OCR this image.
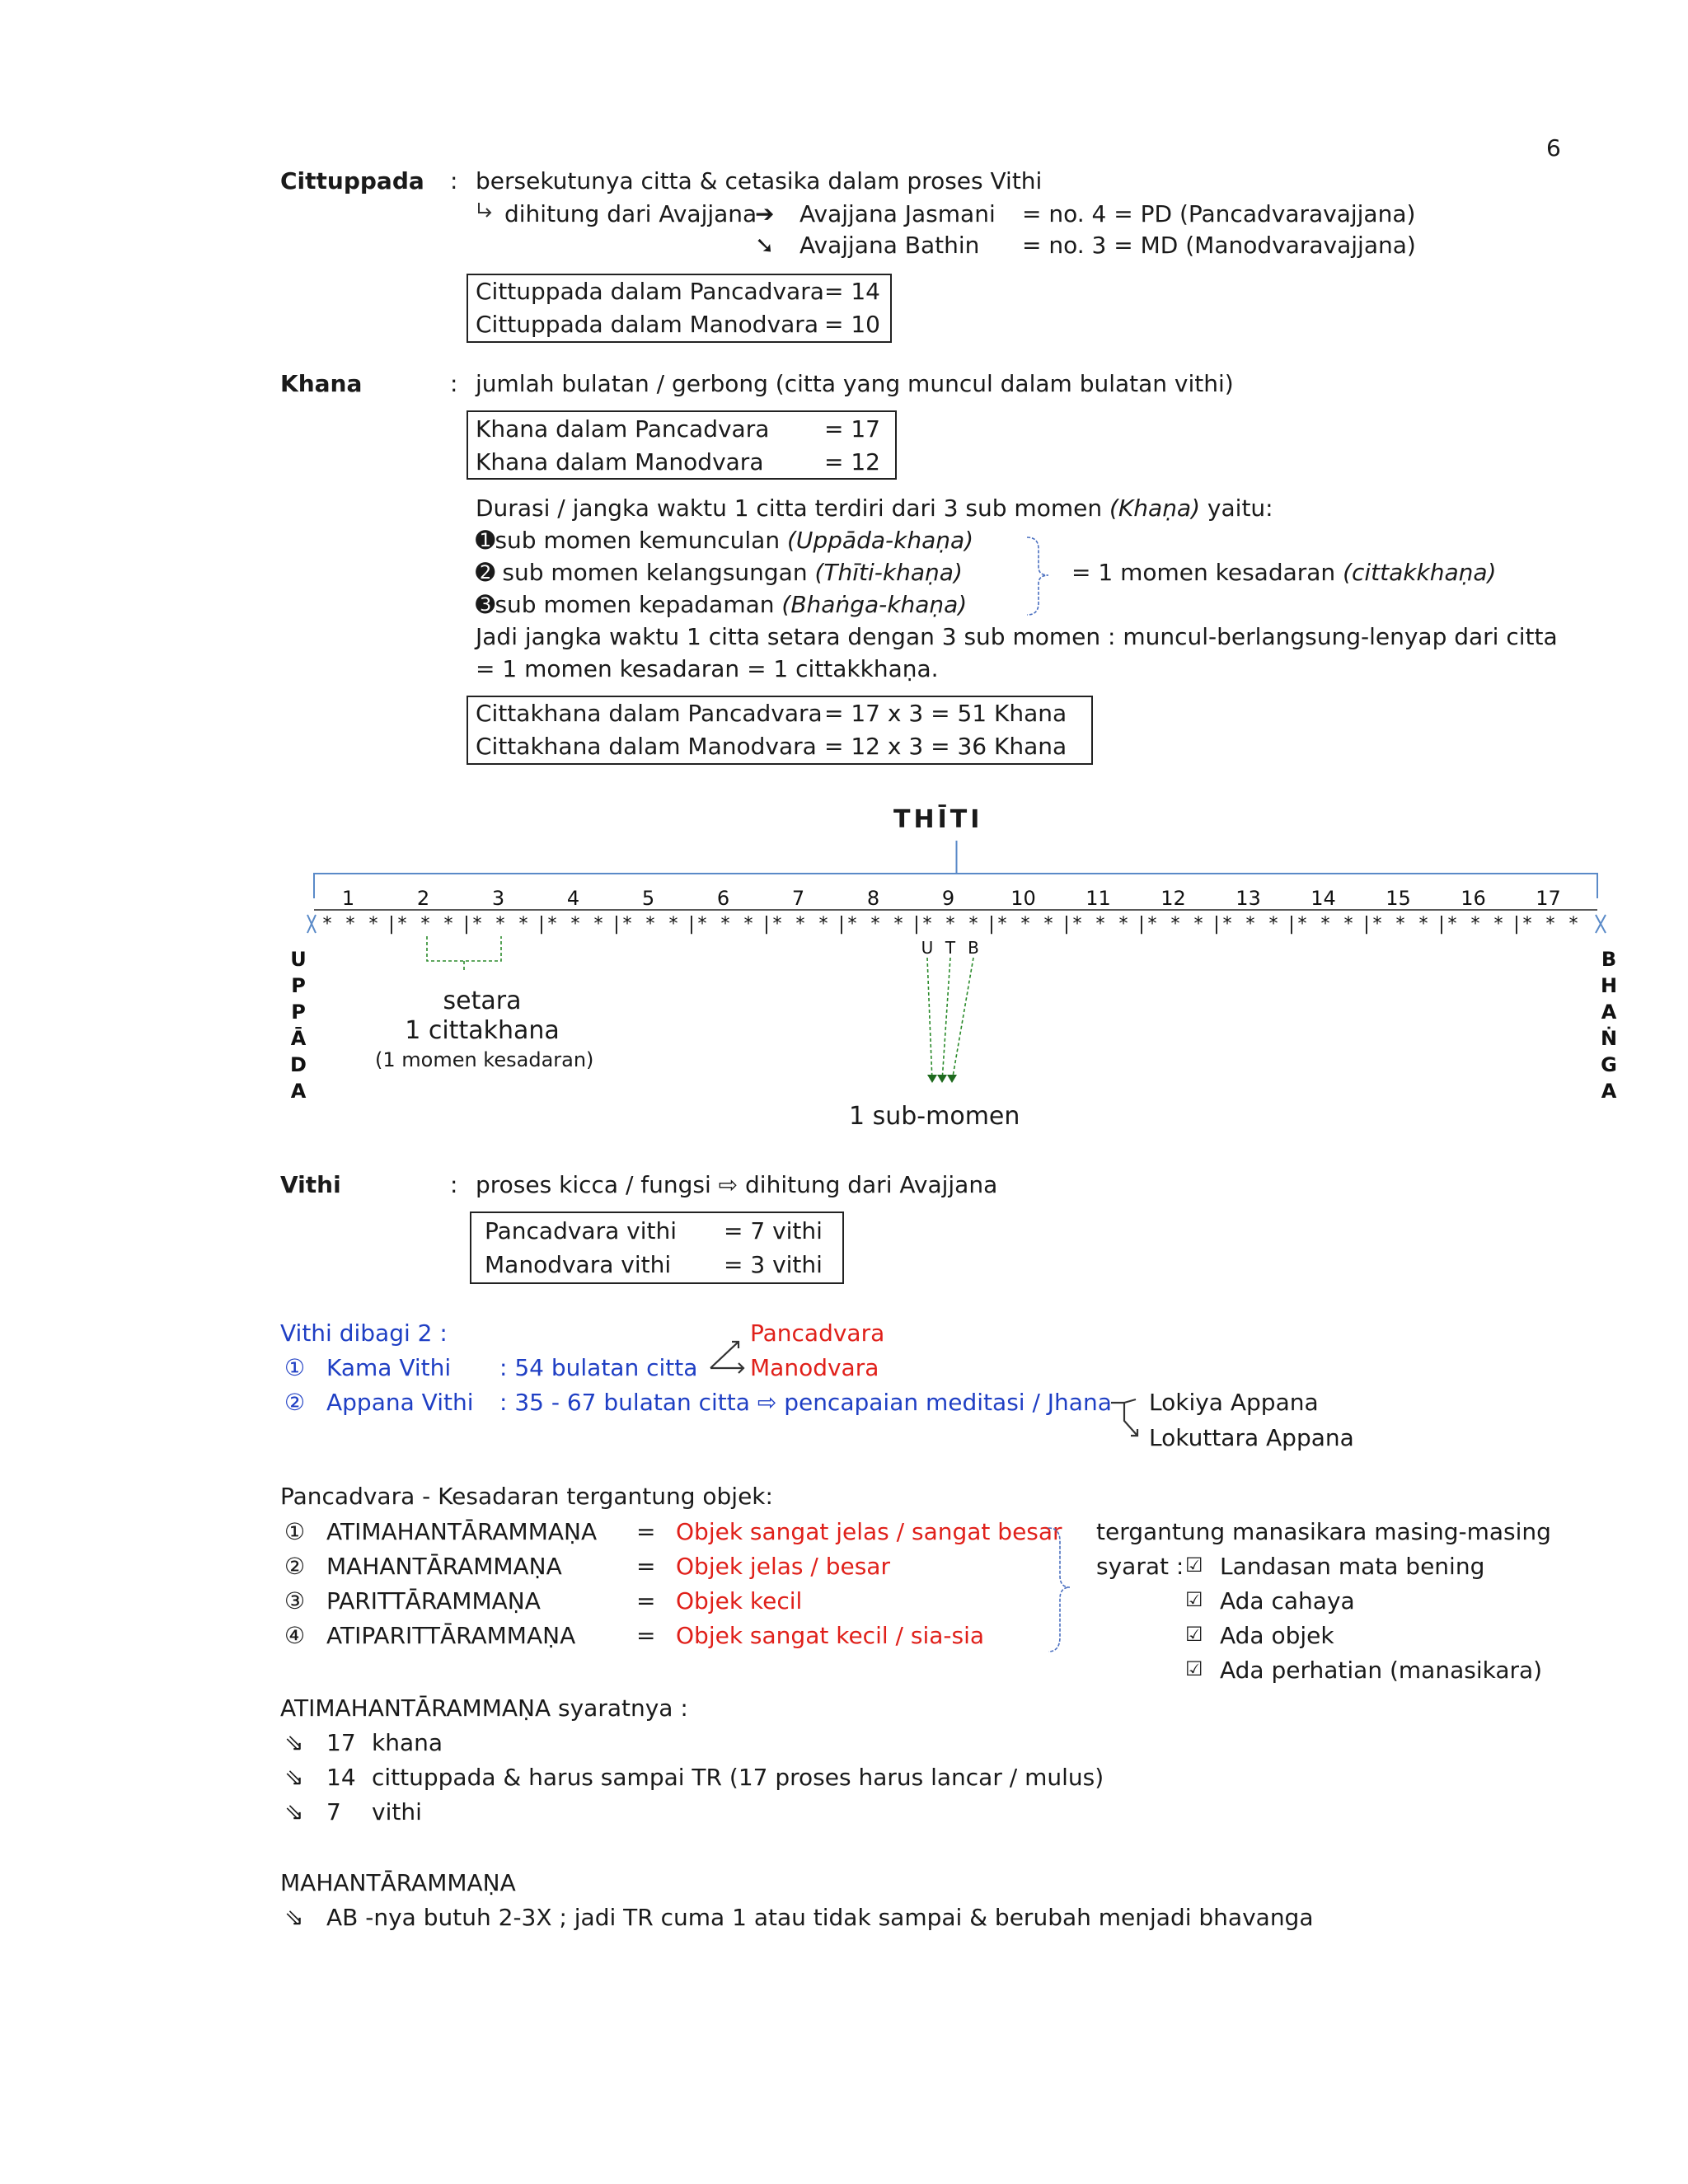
6
Cittuppada : bersekutunya citta & cetasika dalam proses Vithi
dihitung dari Avajjana
➔ Avajjana Jasmani = no. 4 = PD (Pancadvaravajjana)
➘ Avajjana Bathin = no. 3 = MD (Manodvaravajjana)
Cittuppada dalam Pancadvara = 14
Cittuppada dalam Manodvara = 10
Khana	: jumlah bulatan / gerbong (citta yang muncul dalam bulatan vithi)
Khana dalam Pancadvara = 17
Khana dalam Manodvara	= 12
Durasi / jangka waktu 1 citta terdiri dari 3 sub momen (Khaṇa) yaitu:
➊sub momen kemunculan (Uppāda-khaṇa)
➋ sub momen kelangsungan (Thīti-khaṇa)
➌sub momen kepadaman (Bhaṅga-khaṇa)
= 1 momen kesadaran (cittakkhaṇa)
Jadi jangka waktu 1 citta setara dengan 3 sub momen : muncul-berlangsung-lenyap dari citta
= 1 momen kesadaran = 1 cittakkhaṇa.
Cittakhana dalam Pancadvara = 17 x 3 = 51 Khana
Cittakhana dalam Manodvara = 12 x 3 = 36 Khana
THĪTI
1	2	3	4	5	6	7	8	9	10	11	12	13	14	15	16	17
* * * | * * * | * * * | * * * | * * * | * * * | * * * | * * * | * * * | * * * | * * * | * * * | * * * | * * * | * * * | * * * | * * *
U T B
U
P
P
Ā
D
A
B
H
A
Ṅ
G
A
setara
1 cittakhana
(1 momen kesadaran)
1 sub-momen
Vithi	: proses kicca / fungsi ⇨ dihitung dari Avajjana
Pancadvara vithi = 7 vithi
Manodvara vithi = 3 vithi
Vithi dibagi 2 :	Pancadvara
① Kama Vithi : 54 bulatan citta Manodvara
② Appana Vithi : 35 - 67 bulatan citta ⇨ pencapaian meditasi / Jhana Lokiya Appana
Lokuttara Appana
Pancadvara - Kesadaran tergantung objek:
① ATIMAHANTĀRAMMAṆA = Objek sangat jelas / sangat besar
② MAHANTĀRAMMAṆA	= Objek jelas / besar
③ PARITTĀRAMMAṆA	= Objek kecil
④ ATIPARITTĀRAMMAṆA	= Objek sangat kecil / sia-sia
tergantung manasikara masing-masing
syarat : ☑ Landasan mata bening
☑ Ada cahaya
☑ Ada objek
☑ Ada perhatian (manasikara)
ATIMAHANTĀRAMMAṆA syaratnya :
⇘ 17 khana
⇘ 14 cittuppada & harus sampai TR (17 proses harus lancar / mulus)
⇘ 7 vithi
MAHANTĀRAMMAṆA
⇘ AB -nya butuh 2-3X ; jadi TR cuma 1 atau tidak sampai & berubah menjadi bhavanga
